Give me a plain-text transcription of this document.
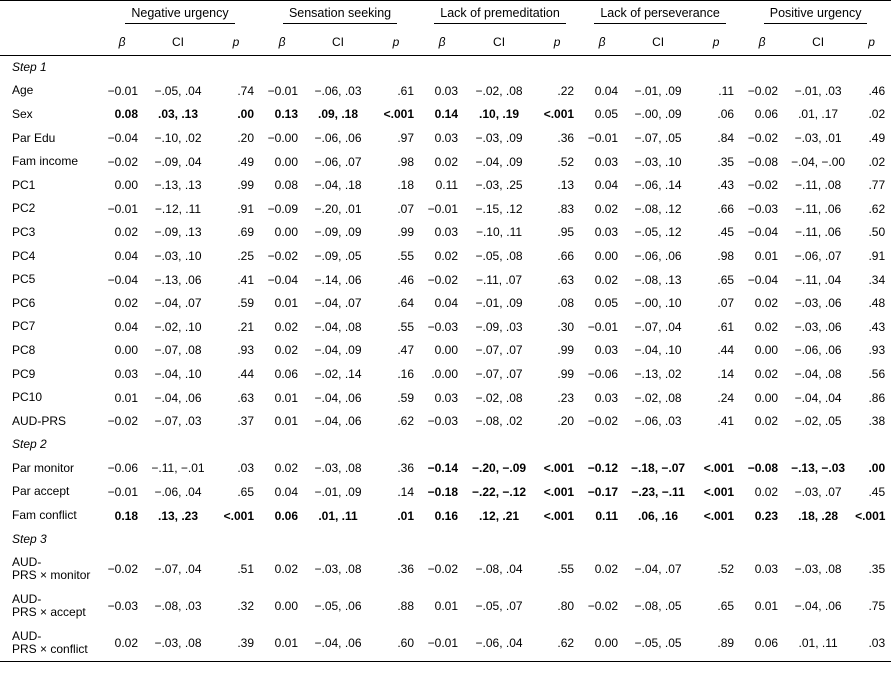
	Negative urgency			Sensation seeking			Lack of premeditation			Lack of perseverance			Positive urgency		
	β	CI	p	β	CI	p	β	CI	p	β	CI	p	β	CI	p
Step 1															
Age	−0.01	−.05, .04	.74	−0.01	−.06, .03	.61	0.03	−.02, .08	.22	0.04	−.01, .09	.11	−0.02	−.01, .03	.46
Sex	0.08	.03, .13	.00	0.13	.09, .18	<.001	0.14	.10, .19	<.001	0.05	−.00, .09	.06	0.06	.01, .17	.02
Par Edu	−0.04	−.10, .02	.20	−0.00	−.06, .06	.97	0.03	−.03, .09	.36	−0.01	−.07, .05	.84	−0.02	−.03, .01	.49
Fam income	−0.02	−.09, .04	.49	0.00	−.06, .07	.98	0.02	−.04, .09	.52	0.03	−.03, .10	.35	−0.08	−.04, −.00	.02
PC1	0.00	−.13, .13	.99	0.08	−.04, .18	.18	0.11	−.03, .25	.13	0.04	−.06, .14	.43	−0.02	−.11, .08	.77
PC2	−0.01	−.12, .11	.91	−0.09	−.20, .01	.07	−0.01	−.15, .12	.83	0.02	−.08, .12	.66	−0.03	−.11, .06	.62
PC3	0.02	−.09, .13	.69	0.00	−.09, .09	.99	0.03	−.10, .11	.95	0.03	−.05, .12	.45	−0.04	−.11, .06	.50
PC4	0.04	−.03, .10	.25	−0.02	−.09, .05	.55	0.02	−.05, .08	.66	0.00	−.06, .06	.98	0.01	−.06, .07	.91
PC5	−0.04	−.13, .06	.41	−0.04	−.14, .06	.46	−0.02	−.11, .07	.63	0.02	−.08, .13	.65	−0.04	−.11, .04	.34
PC6	0.02	−.04, .07	.59	0.01	−.04, .07	.64	0.04	−.01, .09	.08	0.05	−.00, .10	.07	0.02	−.03, .06	.48
PC7	0.04	−.02, .10	.21	0.02	−.04, .08	.55	−0.03	−.09, .03	.30	−0.01	−.07, .04	.61	0.02	−.03, .06	.43
PC8	0.00	−.07, .08	.93	0.02	−.04, .09	.47	0.00	−.07, .07	.99	0.03	−.04, .10	.44	0.00	−.06, .06	.93
PC9	0.03	−.04, .10	.44	0.06	−.02, .14	.16	.0.00	−.07, .07	.99	−0.06	−.13, .02	.14	0.02	−.04, .08	.56
PC10	0.01	−.04, .06	.63	0.01	−.04, .06	.59	0.03	−.02, .08	.23	0.03	−.02, .08	.24	0.00	−.04, .04	.86
AUD-PRS	−0.02	−.07, .03	.37	0.01	−.04, .06	.62	−0.03	−.08, .02	.20	−0.02	−.06, .03	.41	0.02	−.02, .05	.38
Step 2															
Par monitor	−0.06	−.11, −.01	.03	0.02	−.03, .08	.36	−0.14	−.20, −.09	<.001	−0.12	−.18, −.07	<.001	−0.08	−.13, −.03	.00
Par accept	−0.01	−.06, .04	.65	0.04	−.01, .09	.14	−0.18	−.22, −.12	<.001	−0.17	−.23, −.11	<.001	0.02	−.03, .07	.45
Fam conflict	0.18	.13, .23	<.001	0.06	.01, .11	.01	0.16	.12, .21	<.001	0.11	.06, .16	<.001	0.23	.18, .28	<.001
Step 3															

AUD-
PRS × monitor	−0.02	−.07, .04	.51	0.02	−.03, .08	.36	−0.02	−.08, .04	.55	0.02	−.04, .07	.52	0.03	−.03, .08	.35

AUD-
PRS × accept	−0.03	−.08, .03	.32	0.00	−.05, .06	.88	0.01	−.05, .07	.80	−0.02	−.08, .05	.65	0.01	−.04, .06	.75

AUD-
PRS × conflict	0.02	−.03, .08	.39	0.01	−.04, .06	.60	−0.01	−.06, .04	.62	0.00	−.05, .05	.89	0.06	.01, .11	.03
